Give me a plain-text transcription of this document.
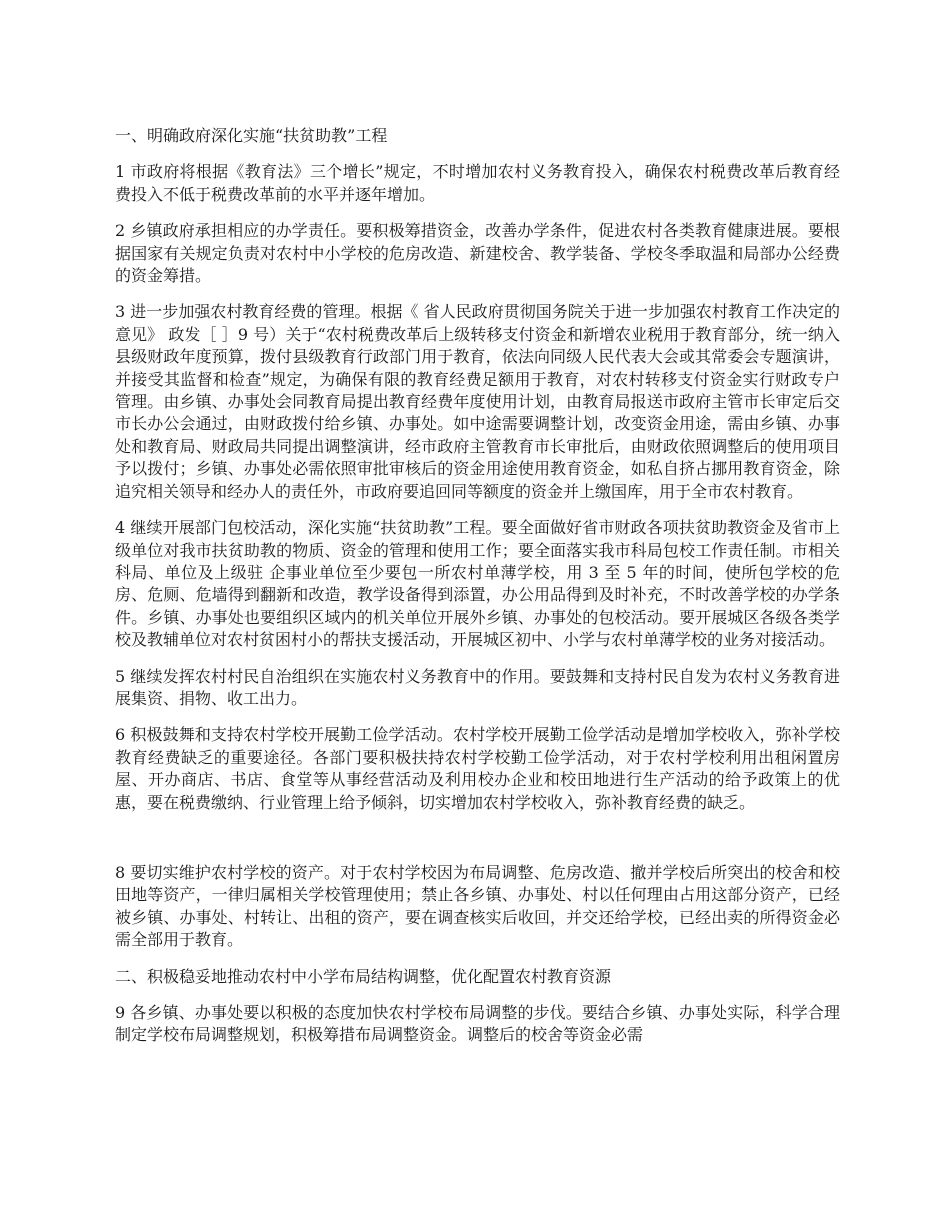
一、明确政府深化实施“扶贫助教”工程

1 市政府将根据《教育法》三个增长”规定，不时增加农村义务教育投入，确保农村税费改革后教育经费投入不低于税费改革前的水平并逐年增加。

2 乡镇政府承担相应的办学责任。要积极筹措资金，改善办学条件，促进农村各类教育健康进展。要根据国家有关规定负责对农村中小学校的危房改造、新建校舍、教学装备、学校冬季取温和局部办公经费的资金筹措。

3 进一步加强农村教育经费的管理。根据《 省人民政府贯彻国务院关于进一步加强农村教育工作决定的意见》 政发［ ］9 号）关于“农村税费改革后上级转移支付资金和新增农业税用于教育部分，统一纳入县级财政年度预算，拨付县级教育行政部门用于教育，依法向同级人民代表大会或其常委会专题演讲，并接受其监督和检查”规定，为确保有限的教育经费足额用于教育，对农村转移支付资金实行财政专户管理。由乡镇、办事处会同教育局提出教育经费年度使用计划，由教育局报送市政府主管市长审定后交市长办公会通过，由财政拨付给乡镇、办事处。如中途需要调整计划，改变资金用途，需由乡镇、办事处和教育局、财政局共同提出调整演讲，经市政府主管教育市长审批后，由财政依照调整后的使用项目予以拨付；乡镇、办事处必需依照审批审核后的资金用途使用教育资金，如私自挤占挪用教育资金，除追究相关领导和经办人的责任外，市政府要追回同等额度的资金并上缴国库，用于全市农村教育。

4 继续开展部门包校活动，深化实施“扶贫助教”工程。要全面做好省市财政各项扶贫助教资金及省市上级单位对我市扶贫助教的物质、资金的管理和使用工作；要全面落实我市科局包校工作责任制。市相关科局、单位及上级驻 企事业单位至少要包一所农村单薄学校，用 3 至 5 年的时间，使所包学校的危房、危厕、危墙得到翻新和改造，教学设备得到添置，办公用品得到及时补充，不时改善学校的办学条件。乡镇、办事处也要组织区域内的机关单位开展外乡镇、办事处的包校活动。要开展城区各级各类学校及教辅单位对农村贫困村小的帮扶支援活动，开展城区初中、小学与农村单薄学校的业务对接活动。

5 继续发挥农村村民自治组织在实施农村义务教育中的作用。要鼓舞和支持村民自发为农村义务教育进展集资、捐物、收工出力。

6 积极鼓舞和支持农村学校开展勤工俭学活动。农村学校开展勤工俭学活动是增加学校收入，弥补学校教育经费缺乏的重要途径。各部门要积极扶持农村学校勤工俭学活动，对于农村学校利用出租闲置房屋、开办商店、书店、食堂等从事经营活动及利用校办企业和校田地进行生产活动的给予政策上的优惠，要在税费缴纳、行业管理上给予倾斜，切实增加农村学校收入，弥补教育经费的缺乏。

8 要切实维护农村学校的资产。对于农村学校因为布局调整、危房改造、撤并学校后所突出的校舍和校田地等资产，一律归属相关学校管理使用；禁止各乡镇、办事处、村以任何理由占用这部分资产，已经被乡镇、办事处、村转让、出租的资产，要在调查核实后收回，并交还给学校，已经出卖的所得资金必需全部用于教育。

二、积极稳妥地推动农村中小学布局结构调整，优化配置农村教育资源

9 各乡镇、办事处要以积极的态度加快农村学校布局调整的步伐。要结合乡镇、办事处实际，科学合理制定学校布局调整规划，积极筹措布局调整资金。调整后的校舍等资金必需
